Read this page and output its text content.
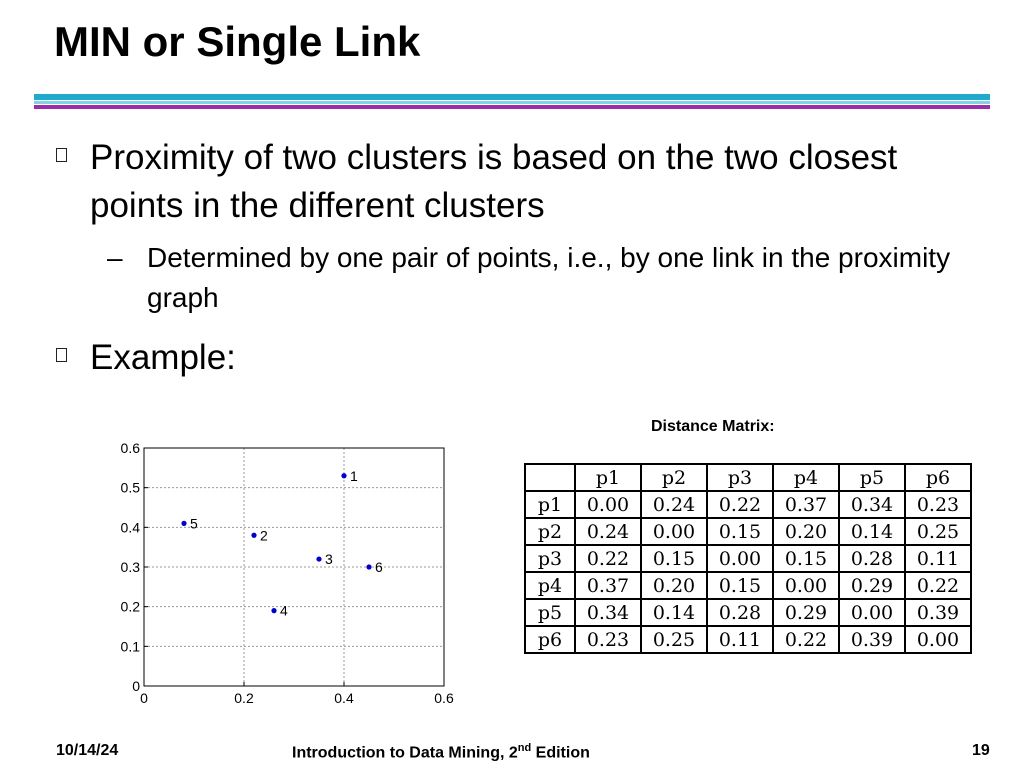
MIN or Single Link
Proximity of two clusters is based on the two closest points in the different clusters
– Determined by one pair of points, i.e., by one link in the proximity graph
Example:
0	0.2	0.4	0.6
0
0.1
0.2
0.3
0.4
0.5
0.6
1
2
3
4
5
6
Distance Matrix:
	p1	p2	p3	p4	p5	p6
p1	0.00	0.24	0.22	0.37	0.34	0.23
p2	0.24	0.00	0.15	0.20	0.14	0.25
p3	0.22	0.15	0.00	0.15	0.28	0.11
p4	0.37	0.20	0.15	0.00	0.29	0.22
p5	0.34	0.14	0.28	0.29	0.00	0.39
p6	0.23	0.25	0.11	0.22	0.39	0.00
10/14/24	Introduction to Data Mining, 2nd Edition	19
